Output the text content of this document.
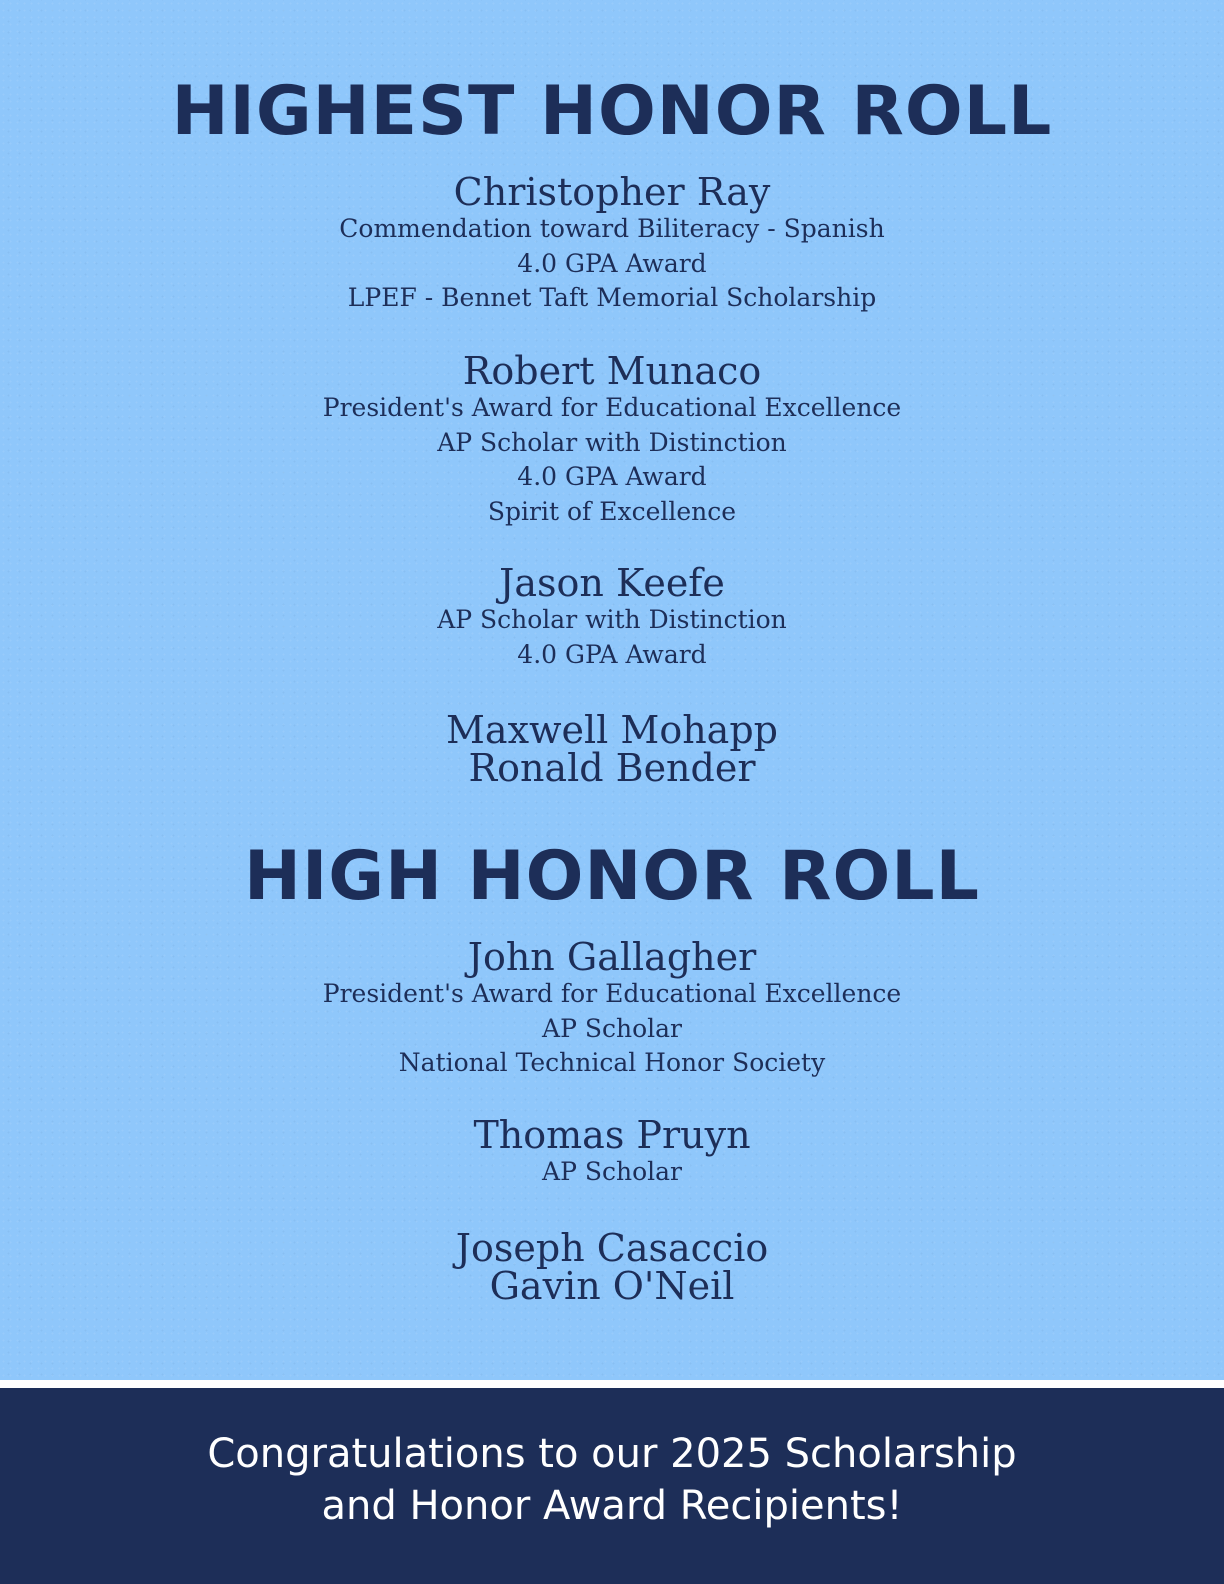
HIGHEST HONOR ROLL
Christopher Ray
Commendation toward Biliteracy - Spanish
4.0 GPA Award
LPEF - Bennet Taft Memorial Scholarship
Robert Munaco
President's Award for Educational Excellence
AP Scholar with Distinction
4.0 GPA Award
Spirit of Excellence
Jason Keefe
AP Scholar with Distinction
4.0 GPA Award
Maxwell Mohapp
Ronald Bender
HIGH HONOR ROLL
John Gallagher
President's Award for Educational Excellence
AP Scholar
National Technical Honor Society
Thomas Pruyn
AP Scholar
Joseph Casaccio
Gavin O'Neil
Congratulations to our 2025 Scholarship
and Honor Award Recipients!
